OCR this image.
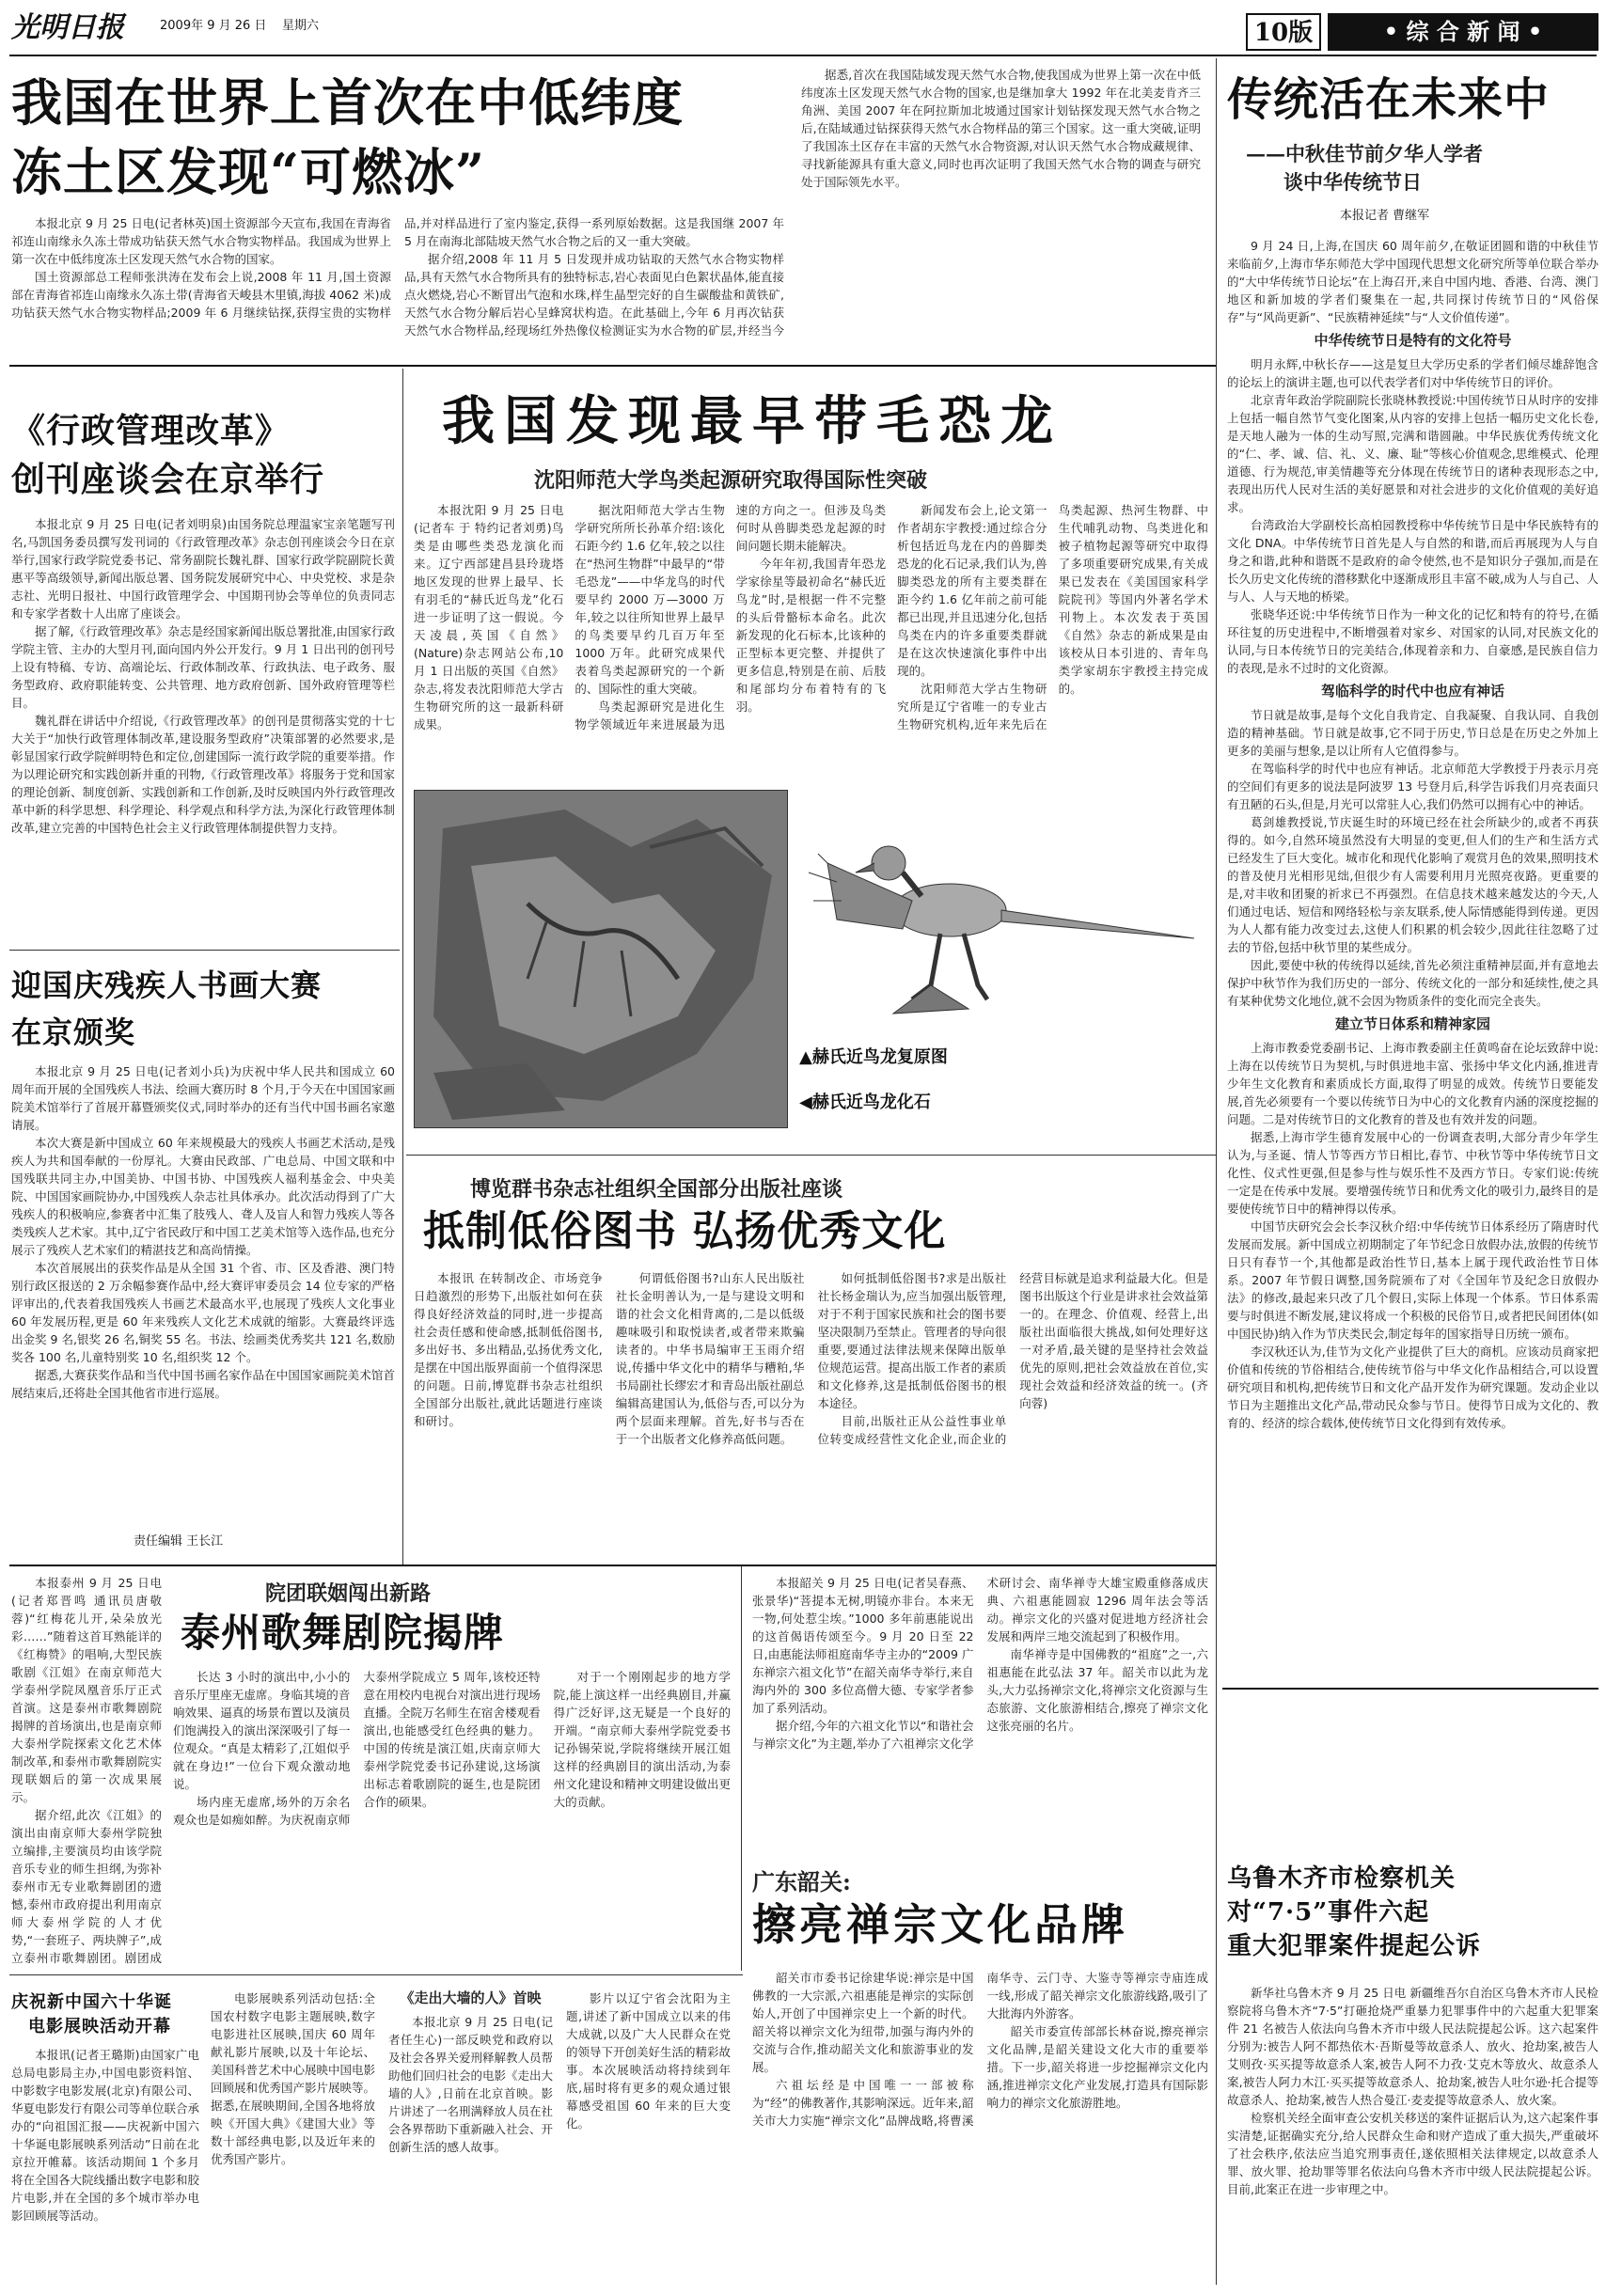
光明日报	2009年 9 月 26 日 星期六	10版	• 综 合 新 闻 •
我国在世界上首次在中低纬度
冻土区发现“可燃冰”

本报北京 9 月 25 日电(记者林英)国土资源部今天宣布,我国在青海省祁连山南缘永久冻土带成功钻获天然气水合物实物样品。我国成为世界上第一次在中低纬度冻土区发现天然气水合物的国家。

国土资源部总工程师张洪涛在发布会上说,2008 年 11 月,国土资源部在青海省祁连山南缘永久冻土带(青海省天峻县木里镇,海拔 4062 米)成功钻获天然气水合物实物样品;2009 年 6 月继续钻探,获得宝贵的实物样品,并对样品进行了室内鉴定,获得一系列原始数据。这是我国继 2007 年 5 月在南海北部陆坡天然气水合物之后的又一重大突破。

据介绍,2008 年 11 月 5 日发现并成功钻取的天然气水合物实物样品,具有天然气水合物所具有的独特标志,岩心表面见白色絮状晶体,能直接点火燃烧,岩心不断冒出气泡和水珠,样生晶型完好的自生碳酸盐和黄铁矿,天然气水合物分解后岩心呈蜂窝状构造。在此基础上,今年 6 月再次钻获天然气水合物样品,经现场红外热像仪检测证实为水合物的矿层,并经当今

据悉,首次在我国陆域发现天然气水合物,使我国成为世界上第一次在中低纬度冻土区发现天然气水合物的国家,也是继加拿大 1992 年在北美麦肯齐三角洲、美国 2007 年在阿拉斯加北坡通过国家计划钻探发现天然气水合物之后,在陆域通过钻探获得天然气水合物样品的第三个国家。这一重大突破,证明了我国冻土区存在丰富的天然气水合物资源,对认识天然气水合物成藏规律、寻找新能源具有重大意义,同时也再次证明了我国天然气水合物的调查与研究处于国际领先水平。

传统活在未来中
——中秋佳节前夕华人学者
谈中华传统节日
本报记者 曹继军

9 月 24 日,上海,在国庆 60 周年前夕,在敬证团圆和谐的中秋佳节来临前夕,上海市华东师范大学中国现代思想文化研究所等单位联合举办的“大中华传统节日论坛”在上海召开,来自中国内地、香港、台湾、澳门地区和新加坡的学者们聚集在一起,共同探讨传统节日的“风俗保存”与“风尚更新”、“民族精神延续”与“人文价值传递”。

中华传统节日是特有的文化符号

明月永辉,中秋长存——这是复旦大学历史系的学者们倾尽雄辞饱含的论坛上的演讲主题,也可以代表学者们对中华传统节日的评价。

北京青年政治学院副院长张晓林教授说:中国传统节日从时序的安排上包括一幅自然节气变化图案,从内容的安排上包括一幅历史文化长卷,是天地人融为一体的生动写照,完满和谐圆融。中华民族优秀传统文化的“仁、孝、诚、信、礼、义、廉、耻”等核心价值观念,思维模式、伦理道德、行为规范,审美情趣等充分体现在传统节日的诸种表现形态之中,表现出历代人民对生活的美好愿景和对社会进步的文化价值观的美好追求。

台湾政治大学副校长高柏园教授称中华传统节日是中华民族特有的文化 DNA。中华传统节日首先是人与自然的和谐,而后再展现为人与自身之和谐,此种和谐既不是政府的命令使然,也不是知识分子强加,而是在长久历史文化传统的潜移默化中逐渐成形且丰富不破,成为人与自己、人与人、人与天地的桥梁。

张晓华还说:中华传统节日作为一种文化的记忆和特有的符号,在循环往复的历史进程中,不断增强着对家乡、对国家的认同,对民族文化的认同,与日本传统节日的完美结合,体现着亲和力、自豪感,是民族自信力的表现,是永不过时的文化资源。

驾临科学的时代中也应有神话

节日就是故事,是每个文化自我肯定、自我凝聚、自我认同、自我创造的精神基础。节日就是故事,它不同于历史,节日总是在历史之外加上更多的美丽与想象,是以让所有人它值得参与。

在驾临科学的时代中也应有神话。北京师范大学教授于丹表示月亮的空间们有更多的说法是阿波罗 13 号登月后,科学告诉我们月亮表面只有丑陋的石头,但是,月光可以常驻人心,我们仍然可以拥有心中的神话。

葛剑雄教授说,节庆诞生时的环境已经在社会所缺少的,或者不再获得的。如今,自然环境虽然没有大明显的变更,但人们的生产和生活方式已经发生了巨大变化。城市化和现代化影响了观赏月色的效果,照明技术的普及使月光相形见绌,但很少有人需要利用月光照亮夜路。更重要的是,对丰收和团聚的祈求已不再强烈。在信息技术越来越发达的今天,人们通过电话、短信和网络轻松与亲友联系,使人际情感能得到传递。更因为人人都有能力改变过去,这使人们积累的机会较少,因此往往忽略了过去的节俗,包括中秋节里的某些成分。

因此,要使中秋的传统得以延续,首先必须注重精神层面,并有意地去保护中秋节作为我们历史的一部分、传统文化的一部分和延续性,使之具有某种优势文化地位,就不会因为物质条件的变化而完全丧失。

建立节日体系和精神家园

上海市教委党委副书记、上海市教委副主任黄鸣奋在论坛致辞中说:上海在以传统节日为契机,与时俱进地丰富、张扬中华文化内涵,推进青少年生文化教育和素质成长方面,取得了明显的成效。传统节日要能发展,首先必须要有一个要以传统节日为中心的文化教育内涵的深度挖掘的问题。二是对传统节日的文化教育的普及也有效并发的问题。

据悉,上海市学生德育发展中心的一份调查表明,大部分青少年学生认为,与圣诞、情人节等西方节日相比,春节、中秋节等中华传统节日文化性、仪式性更强,但是参与性与娱乐性不及西方节日。专家们说:传统一定是在传承中发展。要增强传统节日和优秀文化的吸引力,最终目的是要使传统节日中的精神得以传承。

中国节庆研究会会长李汉秋介绍:中华传统节日体系经历了隋唐时代发展而发展。新中国成立初期制定了年节纪念日放假办法,放假的传统节日只有春节一个,其他都是政治性节日,基本上属于现代政治性节日体系。2007 年节假日调整,国务院颁布了对《全国年节及纪念日放假办法》的修改,最起来只改了几个假日,实际上体现一个体系。节日体系需要与时俱进不断发展,建议将成一个积极的民俗节日,或者把民间团体(如中国民协)纳入作为节庆类民会,制定每年的国家指导日历统一颁布。

李汉秋还认为,佳节为文化产业提供了巨大的商机。应该动员商家把价值和传统的节俗相结合,使传统节俗与中华文化作品相结合,可以设置研究项目和机构,把传统节日和文化产品开发作为研究课题。发动企业以节日为主题推出文化产品,带动民众参与节日。使得节日成为文化的、教育的、经济的综合载体,使传统节日文化得到有效传承。

乌鲁木齐市检察机关
对“7·5”事件六起
重大犯罪案件提起公诉

新华社乌鲁木齐 9 月 25 日电 新疆维吾尔自治区乌鲁木齐市人民检察院将乌鲁木齐“7·5”打砸抢烧严重暴力犯罪事件中的六起重大犯罪案件 21 名被告人依法向乌鲁木齐市中级人民法院提起公诉。这六起案件分别为:被告人阿不都热依木·吾斯曼等故意杀人、放火、抢劫案,被告人艾则孜·买买提等故意杀人案,被告人阿不力孜·艾克木等放火、故意杀人案,被告人阿力木江·买买提等故意杀人、抢劫案,被告人吐尔逊·托合提等故意杀人、抢劫案,被告人热合曼江·麦麦提等故意杀人、放火案。

检察机关经全面审查公安机关移送的案件证据后认为,这六起案件事实清楚,证据确实充分,给人民群众生命和财产造成了重大损失,严重破坏了社会秩序,依法应当追究刑事责任,遂依照相关法律规定,以故意杀人罪、放火罪、抢劫罪等罪名依法向乌鲁木齐市中级人民法院提起公诉。目前,此案正在进一步审理之中。

《行政管理改革》
创刊座谈会在京举行

本报北京 9 月 25 日电(记者刘明泉)由国务院总理温家宝亲笔题写刊名,马凯国务委员撰写发刊词的《行政管理改革》杂志创刊座谈会今日在京举行,国家行政学院党委书记、常务副院长魏礼群、国家行政学院副院长黄惠平等高级领导,新闻出版总署、国务院发展研究中心、中央党校、求是杂志社、光明日报社、中国行政管理学会、中国期刊协会等单位的负责同志和专家学者数十人出席了座谈会。

据了解,《行政管理改革》杂志是经国家新闻出版总署批准,由国家行政学院主管、主办的大型月刊,面向国内外公开发行。9 月 1 日出刊的创刊号上设有特稿、专访、高端论坛、行政体制改革、行政执法、电子政务、服务型政府、政府职能转变、公共管理、地方政府创新、国外政府管理等栏目。

魏礼群在讲话中介绍说,《行政管理改革》的创刊是贯彻落实党的十七大关于“加快行政管理体制改革,建设服务型政府”决策部署的必然要求,是彰显国家行政学院鲜明特色和定位,创建国际一流行政学院的重要举措。作为以理论研究和实践创新并重的刊物,《行政管理改革》将服务于党和国家的理论创新、制度创新、实践创新和工作创新,及时反映国内外行政管理改革中新的科学思想、科学理论、科学观点和科学方法,为深化行政管理体制改革,建立完善的中国特色社会主义行政管理体制提供智力支持。

迎国庆残疾人书画大赛
在京颁奖

本报北京 9 月 25 日电(记者刘小兵)为庆祝中华人民共和国成立 60 周年而开展的全国残疾人书法、绘画大赛历时 8 个月,于今天在中国国家画院美术馆举行了首展开幕暨颁奖仪式,同时举办的还有当代中国书画名家邀请展。

本次大赛是新中国成立 60 年来规模最大的残疾人书画艺术活动,是残疾人为共和国奉献的一份厚礼。大赛由民政部、广电总局、中国文联和中国残联共同主办,中国美协、中国书协、中国残疾人福利基金会、中央美院、中国国家画院协办,中国残疾人杂志社具体承办。此次活动得到了广大残疾人的积极响应,参赛者中汇集了肢残人、聋人及盲人和智力残疾人等各类残疾人艺术家。其中,辽宁省民政厅和中国工艺美术馆等入选作品,也充分展示了残疾人艺术家们的精湛技艺和高尚情操。

本次首展展出的获奖作品是从全国 31 个省、市、区及香港、澳门特别行政区报送的 2 万余幅参赛作品中,经大赛评审委员会 14 位专家的严格评审出的,代表着我国残疾人书画艺术最高水平,也展现了残疾人文化事业 60 年发展历程,更是 60 年来残疾人文化艺术成就的缩影。大赛最终评选出金奖 9 名,银奖 26 名,铜奖 55 名。书法、绘画类优秀奖共 121 名,数励奖各 100 名,儿童特别奖 10 名,组织奖 12 个。

据悉,大赛获奖作品和当代中国书画名家作品在中国国家画院美术馆首展结束后,还将赴全国其他省市进行巡展。

责任编辑 王长江
我国发现最早带毛恐龙
沈阳师范大学鸟类起源研究取得国际性突破

本报沈阳 9 月 25 日电(记者车 于 特约记者刘勇)鸟类是由哪些类恐龙演化而来。辽宁西部建昌县玲珑塔地区发现的世界上最早、长有羽毛的“赫氏近鸟龙”化石进一步证明了这一假说。今天凌晨,英国《自然》(Nature)杂志网站公布,10 月 1 日出版的英国《自然》杂志,将发表沈阳师范大学古生物研究所的这一最新科研成果。

据沈阳师范大学古生物学研究所所长孙革介绍:该化石距今约 1.6 亿年,较之以往在“热河生物群”中最早的“带毛恐龙”——中华龙鸟的时代要早约 2000 万—3000 万年,较之以往所知世界上最早的鸟类要早约几百万年至 1000 万年。此研究成果代表着鸟类起源研究的一个新的、国际性的重大突破。

鸟类起源研究是进化生物学领域近年来进展最为迅速的方向之一。但涉及鸟类何时从兽脚类恐龙起源的时间问题长期未能解决。

今年年初,我国青年恐龙学家徐星等最初命名“赫氏近鸟龙”时,是根据一件不完整的头后骨骼标本命名。此次新发现的化石标本,比该种的正型标本更完整、并提供了更多信息,特别是在前、后肢和尾部均分布着特有的飞羽。

新闻发布会上,论文第一作者胡东宇教授:通过综合分析包括近鸟龙在内的兽脚类恐龙的化石记录,我们认为,兽脚类恐龙的所有主要类群在距今约 1.6 亿年前之前可能都已出现,并且迅速分化,包括鸟类在内的许多重要类群就是在这次快速演化事件中出现的。

沈阳师范大学古生物研究所是辽宁省唯一的专业古生物研究机构,近年来先后在鸟类起源、热河生物群、中生代哺乳动物、鸟类进化和被子植物起源等研究中取得了多项重要研究成果,有关成果已发表在《美国国家科学院院刊》等国内外著名学术刊物上。本次发表于英国《自然》杂志的新成果是由该校从日本引进的、青年鸟类学家胡东宇教授主持完成的。

▲赫氏近鸟龙复原图
◀赫氏近鸟龙化石
博览群书杂志社组织全国部分出版社座谈
抵制低俗图书 弘扬优秀文化

本报讯 在转制改企、市场竞争日趋激烈的形势下,出版社如何在获得良好经济效益的同时,进一步提高社会责任感和使命感,抵制低俗图书,多出好书、多出精品,弘扬优秀文化,是摆在中国出版界面前一个值得深思的问题。日前,博览群书杂志社组织全国部分出版社,就此话题进行座谈和研讨。

何谓低俗图书?山东人民出版社社长金明善认为,一是与建设文明和谐的社会文化相背离的,二是以低级趣味吸引和取悦读者,或者带来欺骗读者的。中华书局编审王玉雨介绍说,传播中华文化中的精华与糟粕,华书局副社长缪宏才和青岛出版社副总编辑高建国认为,低俗与否,可以分为两个层面来理解。首先,好书与否在于一个出版者文化修养高低问题。

如何抵制低俗图书?求是出版社社长杨金瑞认为,应当加强出版管理,对于不利于国家民族和社会的图书要坚决限制乃至禁止。管理者的导向很重要,要通过法律法规来保障出版单位规范运营。提高出版工作者的素质和文化修养,这是抵制低俗图书的根本途径。

目前,出版社正从公益性事业单位转变成经营性文化企业,而企业的经营目标就是追求利益最大化。但是图书出版这个行业是讲求社会效益第一的。在理念、价值观、经营上,出版社出面临很大挑战,如何处理好这一对矛盾,最关键的是坚持社会效益优先的原则,把社会效益放在首位,实现社会效益和经济效益的统一。(齐向蓉)

院团联姻闯出新路
泰州歌舞剧院揭牌

本报泰州 9 月 25 日电(记者郑晋鸣 通讯员唐敬蓉)“红梅花儿开,朵朵放光彩……”随着这首耳熟能详的《红梅赞》的唱响,大型民族歌剧《江姐》在南京师范大学泰州学院凤凰音乐厅正式首演。这是泰州市歌舞剧院揭牌的首场演出,也是南京师大泰州学院探索文化艺术体制改革,和泰州市歌舞剧院实现联姻后的第一次成果展示。

据介绍,此次《江姐》的演出由南京师大泰州学院独立编排,主要演员均由该学院音乐专业的师生担纲,为弥补泰州市无专业歌舞剧团的遗憾,泰州市政府提出利用南京师大泰州学院的人才优势,“一套班子、两块牌子”,成立泰州市歌舞剧团。剧团成

长达 3 小时的演出中,小小的音乐厅里座无虚席。身临其境的音响效果、逼真的场景布置以及演员们饱满投入的演出深深吸引了每一位观众。“真是太精彩了,江姐似乎就在身边!”一位台下观众激动地说。

场内座无虚席,场外的万余名观众也是如痴如醉。为庆祝南京师大泰州学院成立 5 周年,该校还特意在用校内电视台对演出进行现场直播。全院万名师生在宿舍楼观看演出,也能感受红色经典的魅力。中国的传统是演江姐,庆南京师大泰州学院党委书记孙建说,这场演出标志着歌剧院的诞生,也是院团合作的硕果。

对于一个刚刚起步的地方学院,能上演这样一出经典剧目,并赢得广泛好评,这无疑是一个良好的开端。“南京师大泰州学院党委书记孙锡荣说,学院将继续开展江姐这样的经典剧目的演出活动,为泰州文化建设和精神文明建设做出更大的贡献。

本报韶关 9 月 25 日电(记者吴春燕、张景华)“菩提本无树,明镜亦非台。本来无一物,何处惹尘埃。”1000 多年前惠能说出的这首偈语传颂至今。9 月 20 日至 22 日,由惠能法师祖庭南华寺主办的“2009 广东禅宗六祖文化节”在韶关南华寺举行,来自海内外的 300 多位高僧大德、专家学者参加了系列活动。

据介绍,今年的六祖文化节以“和谐社会与禅宗文化”为主题,举办了六祖禅宗文化学术研讨会、南华禅寺大雄宝殿重修落成庆典、六祖惠能圆寂 1296 周年法会等活动。禅宗文化的兴盛对促进地方经济社会发展和两岸三地交流起到了积极作用。

南华禅寺是中国佛教的“祖庭”之一,六祖惠能在此弘法 37 年。韶关市以此为龙头,大力弘扬禅宗文化,将禅宗文化资源与生态旅游、文化旅游相结合,擦亮了禅宗文化这张亮丽的名片。

广东韶关:
擦亮禅宗文化品牌

韶关市市委书记徐建华说:禅宗是中国佛教的一大宗派,六祖惠能是禅宗的实际创始人,开创了中国禅宗史上一个新的时代。韶关将以禅宗文化为纽带,加强与海内外的交流与合作,推动韶关文化和旅游事业的发展。

六祖坛经是中国唯一一部被称为“经”的佛教著作,其影响深远。近年来,韶关市大力实施“禅宗文化”品牌战略,将曹溪南华寺、云门寺、大鉴寺等禅宗寺庙连成一线,形成了韶关禅宗文化旅游线路,吸引了大批海内外游客。

韶关市委宣传部部长林奋说,擦亮禅宗文化品牌,是韶关建设文化大市的重要举措。下一步,韶关将进一步挖掘禅宗文化内涵,推进禅宗文化产业发展,打造具有国际影响力的禅宗文化旅游胜地。

庆祝新中国六十华诞
电影展映活动开幕

本报讯(记者王璐斯)由国家广电总局电影局主办,中国电影资料馆、中影数字电影发展(北京)有限公司、华夏电影发行有限公司等单位联合承办的“向祖国汇报——庆祝新中国六十华诞电影展映系列活动”日前在北京拉开帷幕。该活动期间 1 个多月将在全国各大院线播出数字电影和胶片电影,并在全国的多个城市举办电影回顾展等活动。

电影展映系列活动包括:全国农村数字电影主题展映,数字电影进社区展映,国庆 60 周年献礼影片展映,以及十年论坛、美国科普艺术中心展映中国电影回顾展和优秀国产影片展映等。据悉,在展映期间,全国各地将放映《开国大典》《建国大业》等数十部经典电影,以及近年来的优秀国产影片。

《走出大墙的人》首映

本报北京 9 月 25 日电(记者任生心)一部反映党和政府以及社会各界关爱刑释解教人员帮助他们回归社会的电影《走出大墙的人》,日前在北京首映。影片讲述了一名刑满释放人员在社会各界帮助下重新融入社会、开创新生活的感人故事。

影片以辽宁省会沈阳为主题,讲述了新中国成立以来的伟大成就,以及广大人民群众在党的领导下开创美好生活的精彩故事。本次展映活动将持续到年底,届时将有更多的观众通过银幕感受祖国 60 年来的巨大变化。
